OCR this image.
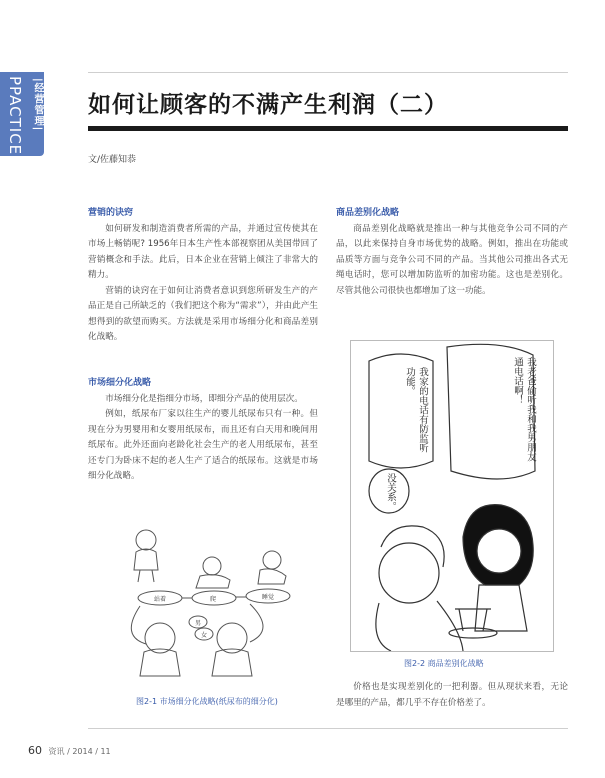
|经营管理|
PPACTICE	如何让顾客的不满产生利润（二）
文/佐藤知恭

营销的诀窍

如何研发和制造消费者所需的产品，并通过宣传使其在市场上畅销呢? 1956年日本生产性本部视察团从美国带回了营销概念和手法。此后，日本企业在营销上倾注了非常大的精力。

营销的诀窍在于如何让消费者意识到您所研发生产的产品正是自己所缺乏的（我们把这个称为“需求”），并由此产生想得到的欲望而购买。方法就是采用市场细分化和商品差别化战略。

市场细分化战略

市场细分化是指细分市场，即细分产品的使用层次。

例如，纸尿布厂家以往生产的婴儿纸尿布只有一种。但现在分为男婴用和女婴用纸尿布，而且还有白天用和晚间用纸尿布。此外还面向老龄化社会生产的老人用纸尿布，甚至还专门为卧床不起的老人生产了适合的纸尿布。这就是市场细分化战略。

站着	爬	睡觉
男
女
图2-1 市场细分化战略(纸尿布的细分化)

商品差别化战略

商品差别化战略就是推出一种与其他竞争公司不同的产品，以此来保持自身市场优势的战略。例如，推出在功能或品质等方面与竞争公司不同的产品。当其他公司推出各式无绳电话时，您可以增加防监听的加密功能。这也是差别化。尽管其他公司很快也都增加了这一功能。

我老爸偷听我和我男朋友通电话啊！
我家的电话有防监听功能。
没关系。
图2-2 商品差别化战略

价格也是实现差别化的一把利器。但从现状来看，无论是哪里的产品，都几乎不存在价格差了。

60 资讯 / 2014 / 11
